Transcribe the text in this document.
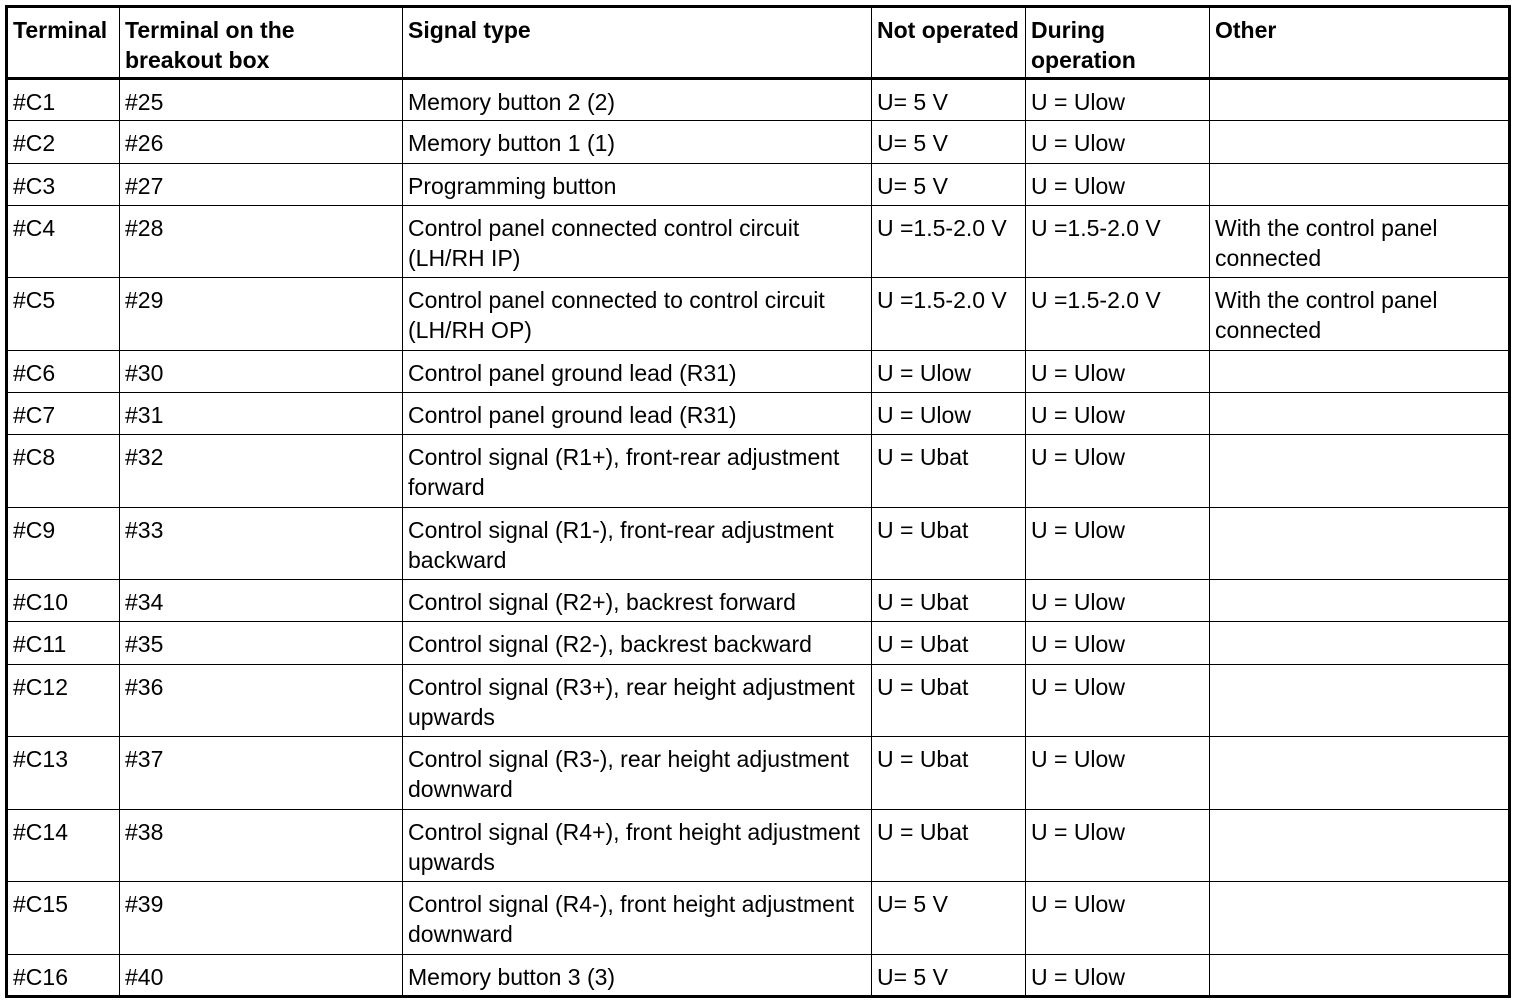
Terminal	Terminal on the breakout box	Signal type	Not operated	During operation	Other
#C1	#25	Memory button 2 (2)	U= 5 V	U = Ulow	
#C2	#26	Memory button 1 (1)	U= 5 V	U = Ulow	
#C3	#27	Programming button	U= 5 V	U = Ulow	
#C4	#28	Control panel connected control circuit (LH/RH IP)	U =1.5-2.0 V	U =1.5-2.0 V	With the control panel connected
#C5	#29	Control panel connected to control circuit (LH/RH OP)	U =1.5-2.0 V	U =1.5-2.0 V	With the control panel connected
#C6	#30	Control panel ground lead (R31)	U = Ulow	U = Ulow	
#C7	#31	Control panel ground lead (R31)	U = Ulow	U = Ulow	
#C8	#32	Control signal (R1+), front-rear adjustment forward	U = Ubat	U = Ulow	
#C9	#33	Control signal (R1-), front-rear adjustment backward	U = Ubat	U = Ulow	
#C10	#34	Control signal (R2+), backrest forward	U = Ubat	U = Ulow	
#C11	#35	Control signal (R2-), backrest backward	U = Ubat	U = Ulow	
#C12	#36	Control signal (R3+), rear height adjustment upwards	U = Ubat	U = Ulow	
#C13	#37	Control signal (R3-), rear height adjustment downward	U = Ubat	U = Ulow	
#C14	#38	Control signal (R4+), front height adjustment upwards	U = Ubat	U = Ulow	
#C15	#39	Control signal (R4-), front height adjustment downward	U= 5 V	U = Ulow	
#C16	#40	Memory button 3 (3)	U= 5 V	U = Ulow	
